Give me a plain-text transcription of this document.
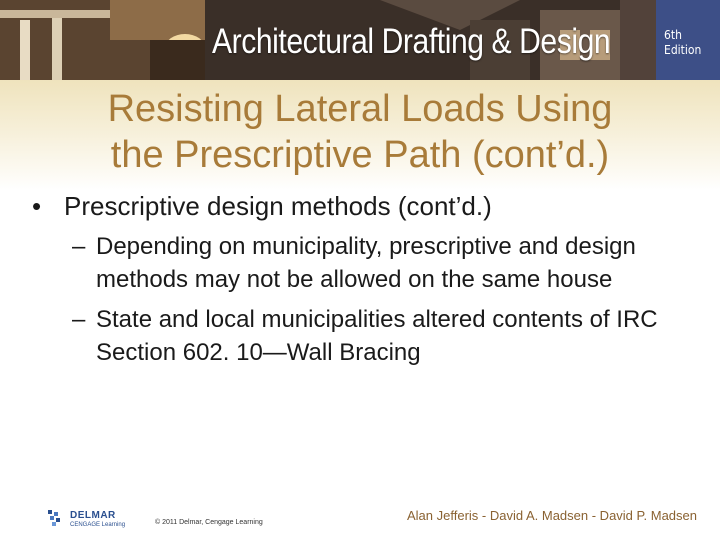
Architectural Drafting & Design	6th
Edition
Resisting Lateral Loads Using
the Prescriptive Path (cont’d.)
• Prescriptive design methods (cont’d.)
– Depending on municipality, prescriptive and design methods may not be allowed on the same house
– State and local municipalities altered contents of IRC Section 602. 10—Wall Bracing
DELMAR
CENGAGE Learning	© 2011 Delmar, Cengage Learning	Alan Jefferis - David A. Madsen - David P. Madsen
